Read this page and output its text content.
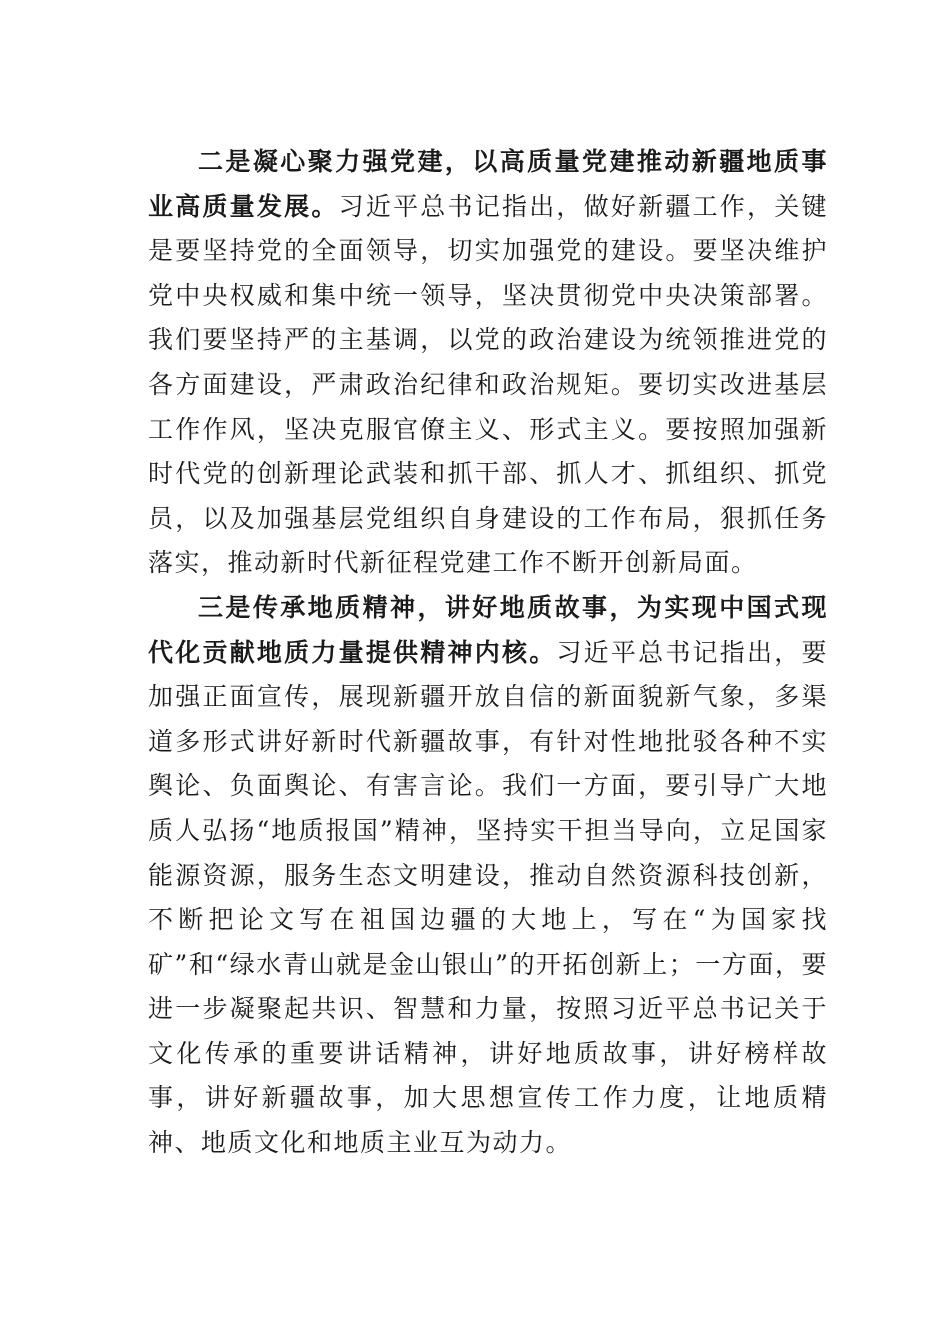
二是凝心聚力强党建，以高质量党建推动新疆地质事业高质量发展。习近平总书记指出，做好新疆工作，关键是要坚持党的全面领导，切实加强党的建设。要坚决维护党中央权威和集中统一领导，坚决贯彻党中央决策部署。我们要坚持严的主基调，以党的政治建设为统领推进党的各方面建设，严肃政治纪律和政治规矩。要切实改进基层工作作风，坚决克服官僚主义、形式主义。要按照加强新时代党的创新理论武装和抓干部、抓人才、抓组织、抓党员，以及加强基层党组织自身建设的工作布局，狠抓任务落实，推动新时代新征程党建工作不断开创新局面。

三是传承地质精神，讲好地质故事，为实现中国式现代化贡献地质力量提供精神内核。习近平总书记指出，要加强正面宣传，展现新疆开放自信的新面貌新气象，多渠道多形式讲好新时代新疆故事，有针对性地批驳各种不实舆论、负面舆论、有害言论。我们一方面，要引导广大地质人弘扬“地质报国”精神，坚持实干担当导向，立足国家能源资源，服务生态文明建设，推动自然资源科技创新，不断把论文写在祖国边疆的大地上，写在“为国家找矿”和“绿水青山就是金山银山”的开拓创新上；一方面，要进一步凝聚起共识、智慧和力量，按照习近平总书记关于文化传承的重要讲话精神，讲好地质故事，讲好榜样故事，讲好新疆故事，加大思想宣传工作力度，让地质精神、地质文化和地质主业互为动力。
